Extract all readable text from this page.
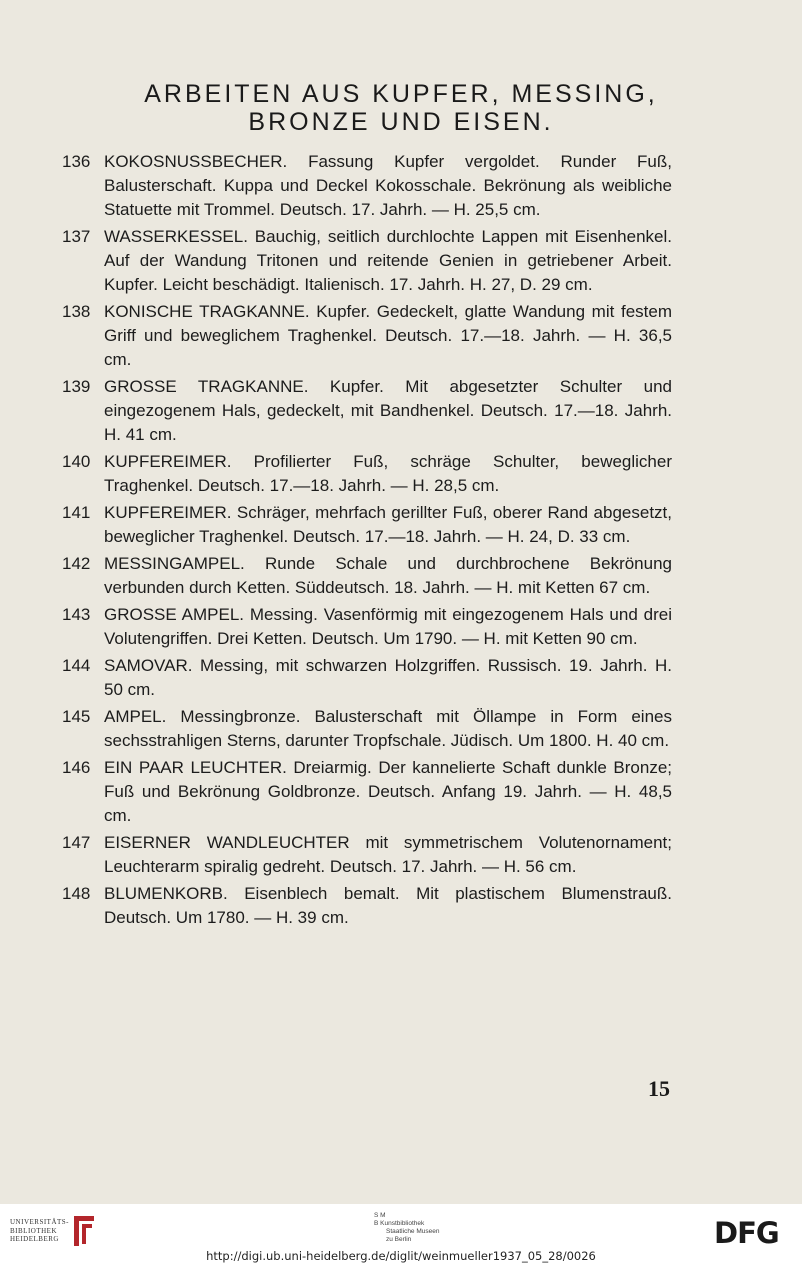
ARBEITEN AUS KUPFER, MESSING,
BRONZE UND EISEN.
136 KOKOSNUSSBECHER. Fassung Kupfer vergoldet. Runder Fuß, Balusterschaft. Kuppa und Deckel Kokosschale. Bekrönung als weibliche Statuette mit Trommel. Deutsch. 17. Jahrh. — H. 25,5 cm.
137 WASSERKESSEL. Bauchig, seitlich durchlochte Lappen mit Eisenhenkel. Auf der Wandung Tritonen und reitende Genien in getriebener Arbeit. Kupfer. Leicht beschädigt. Italienisch. 17. Jahrh. H. 27, D. 29 cm.
138 KONISCHE TRAGKANNE. Kupfer. Gedeckelt, glatte Wandung mit festem Griff und beweglichem Traghenkel. Deutsch. 17.—18. Jahrh. — H. 36,5 cm.
139 GROSSE TRAGKANNE. Kupfer. Mit abgesetzter Schulter und eingezogenem Hals, gedeckelt, mit Bandhenkel. Deutsch. 17.—18. Jahrh. H. 41 cm.
140 KUPFEREIMER. Profilierter Fuß, schräge Schulter, beweglicher Traghenkel. Deutsch. 17.—18. Jahrh. — H. 28,5 cm.
141 KUPFEREIMER. Schräger, mehrfach gerillter Fuß, oberer Rand abgesetzt, beweglicher Traghenkel. Deutsch. 17.—18. Jahrh. — H. 24, D. 33 cm.
142 MESSINGAMPEL. Runde Schale und durchbrochene Bekrönung verbunden durch Ketten. Süddeutsch. 18. Jahrh. — H. mit Ketten 67 cm.
143 GROSSE AMPEL. Messing. Vasenförmig mit eingezogenem Hals und drei Volutengriffen. Drei Ketten. Deutsch. Um 1790. — H. mit Ketten 90 cm.
144 SAMOVAR. Messing, mit schwarzen Holzgriffen. Russisch. 19. Jahrh. H. 50 cm.
145 AMPEL. Messingbronze. Balusterschaft mit Öllampe in Form eines sechsstrahligen Sterns, darunter Tropfschale. Jüdisch. Um 1800. H. 40 cm.
146 EIN PAAR LEUCHTER. Dreiarmig. Der kannelierte Schaft dunkle Bronze; Fuß und Bekrönung Goldbronze. Deutsch. Anfang 19. Jahrh. — H. 48,5 cm.
147 EISERNER WANDLEUCHTER mit symmetrischem Volutenornament; Leuchterarm spiralig gedreht. Deutsch. 17. Jahrh. — H. 56 cm.
148 BLUMENKORB. Eisenblech bemalt. Mit plastischem Blumenstrauß. Deutsch. Um 1780. — H. 39 cm.
15
UNIVERSITÄTS-
BIBLIOTHEK
HEIDELBERG
S M
B Kunstbibliothek
Staatliche Museen
zu Berlin	DFG
http://digi.ub.uni-heidelberg.de/diglit/weinmueller1937_05_28/0026
